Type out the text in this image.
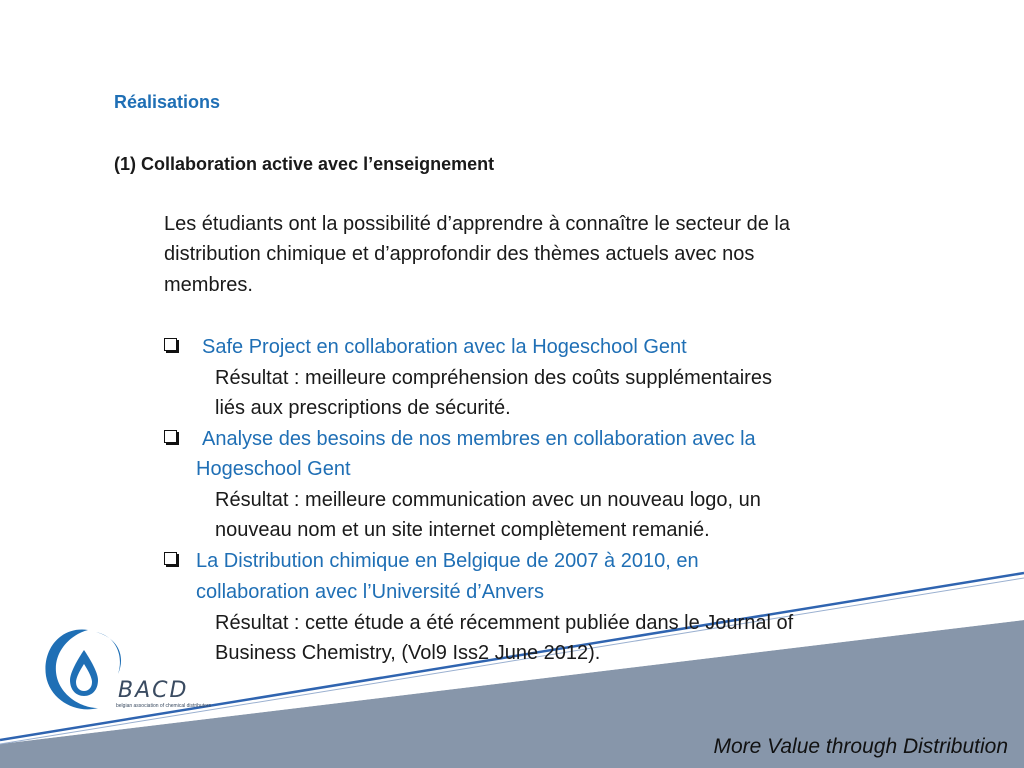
Réalisations
(1) Collaboration active avec l’enseignement
Les étudiants ont la possibilité d’apprendre à connaître le secteur de la
distribution chimique et d’approfondir des thèmes actuels avec nos
membres.
Safe Project en collaboration avec la Hogeschool Gent
Résultat : meilleure compréhension des coûts supplémentaires
liés aux prescriptions de sécurité.
Analyse des besoins de nos membres en collaboration avec la
Hogeschool Gent
Résultat : meilleure communication avec un nouveau logo, un
nouveau nom et un site internet complètement remanié.
La Distribution chimique en Belgique de 2007 à 2010, en
collaboration avec l’Université d’Anvers
Résultat : cette étude a été récemment publiée dans le Journal of
Business Chemistry, (Vol9 Iss2 June 2012).
BACD
belgian association of chemical distributors
More Value through Distribution
